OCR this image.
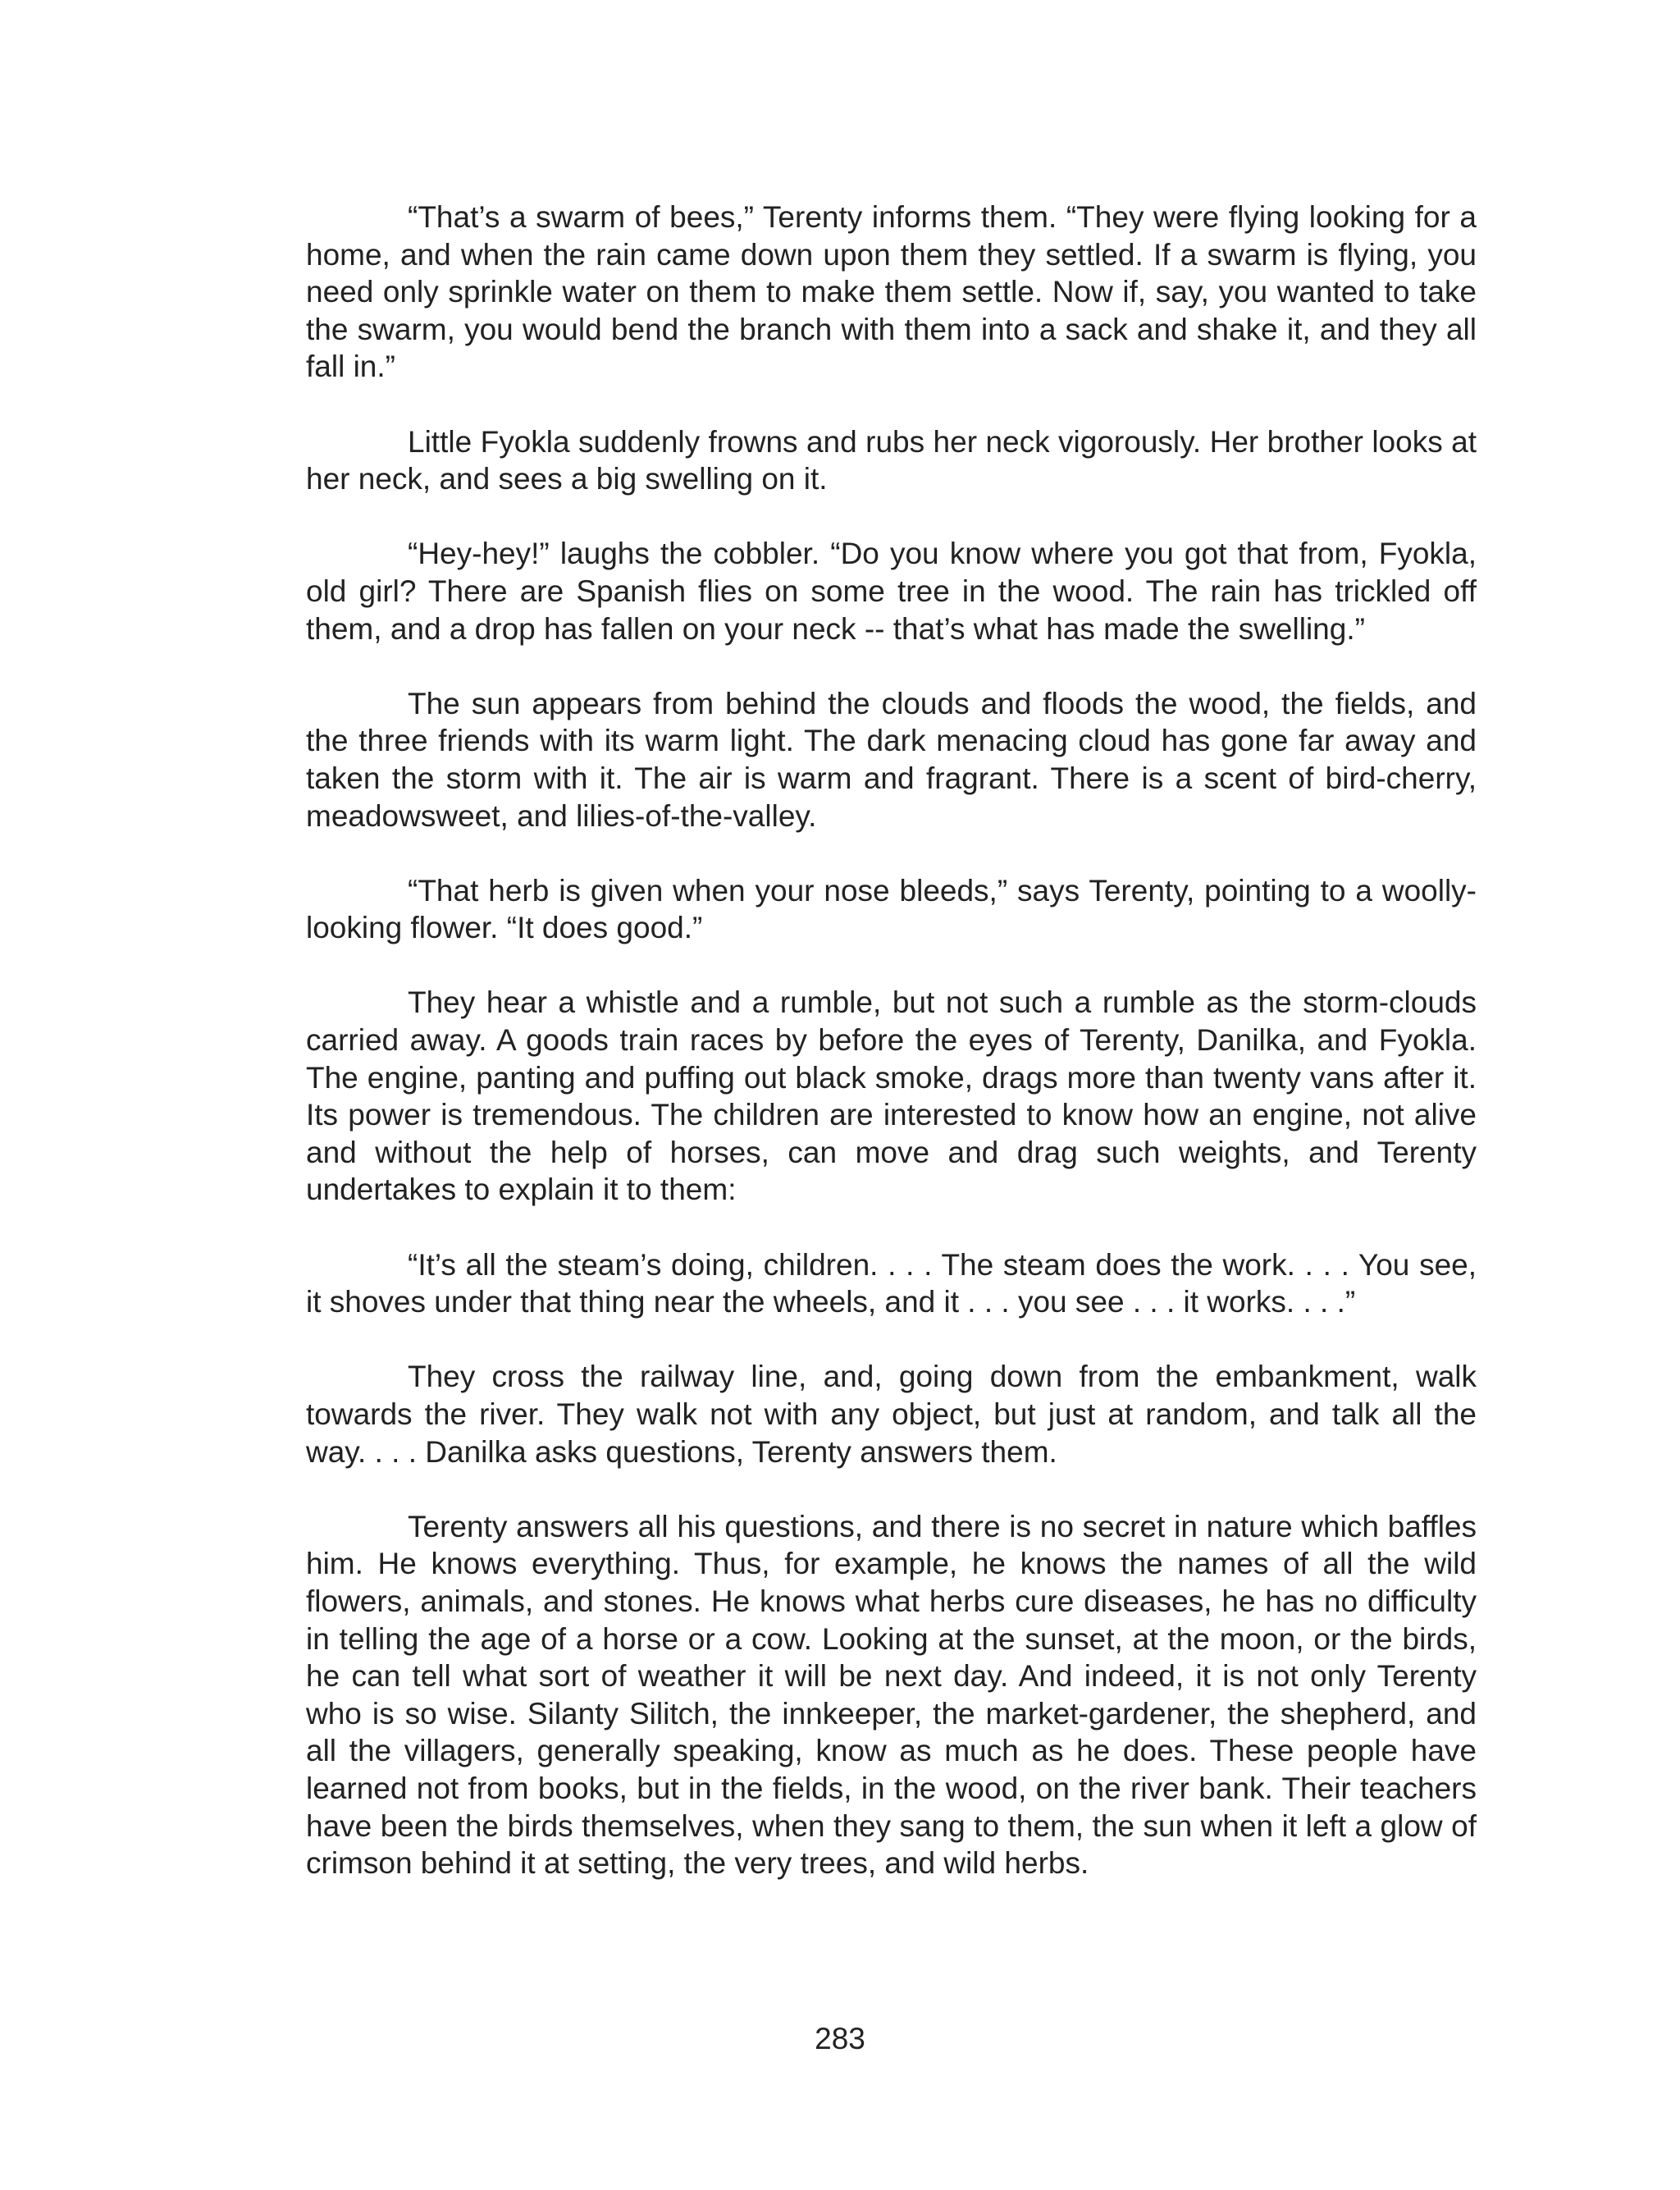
“That’s a swarm of bees,” Terenty informs them. “They were flying looking for a home, and when the rain came down upon them they settled. If a swarm is flying, you need only sprinkle water on them to make them settle. Now if, say, you wanted to take the swarm, you would bend the branch with them into a sack and shake it, and they all fall in.”

Little Fyokla suddenly frowns and rubs her neck vigorously. Her brother looks at her neck, and sees a big swelling on it.

“Hey-hey!” laughs the cobbler. “Do you know where you got that from, Fyokla, old girl? There are Spanish flies on some tree in the wood. The rain has trickled off them, and a drop has fallen on your neck -- that’s what has made the swelling.”

The sun appears from behind the clouds and floods the wood, the fields, and the three friends with its warm light. The dark menacing cloud has gone far away and taken the storm with it. The air is warm and fragrant. There is a scent of bird-cherry, meadowsweet, and lilies-of-the-valley.

“That herb is given when your nose bleeds,” says Terenty, pointing to a woolly-looking flower. “It does good.”

They hear a whistle and a rumble, but not such a rumble as the storm-clouds carried away. A goods train races by before the eyes of Terenty, Danilka, and Fyokla. The engine, panting and puffing out black smoke, drags more than twenty vans after it. Its power is tremendous. The children are interested to know how an engine, not alive and without the help of horses, can move and drag such weights, and Terenty undertakes to explain it to them:

“It’s all the steam’s doing, children. . . . The steam does the work. . . . You see, it shoves under that thing near the wheels, and it . . . you see . . . it works. . . .”

They cross the railway line, and, going down from the embankment, walk towards the river. They walk not with any object, but just at random, and talk all the way. . . . Danilka asks questions, Terenty answers them.

Terenty answers all his questions, and there is no secret in nature which baffles him. He knows everything. Thus, for example, he knows the names of all the wild flowers, animals, and stones. He knows what herbs cure diseases, he has no difficulty in telling the age of a horse or a cow. Looking at the sunset, at the moon, or the birds, he can tell what sort of weather it will be next day. And indeed, it is not only Terenty who is so wise. Silanty Silitch, the innkeeper, the market-gardener, the shepherd, and all the villagers, generally speaking, know as much as he does. These people have learned not from books, but in the fields, in the wood, on the river bank. Their teachers have been the birds themselves, when they sang to them, the sun when it left a glow of crimson behind it at setting, the very trees, and wild herbs.

283
